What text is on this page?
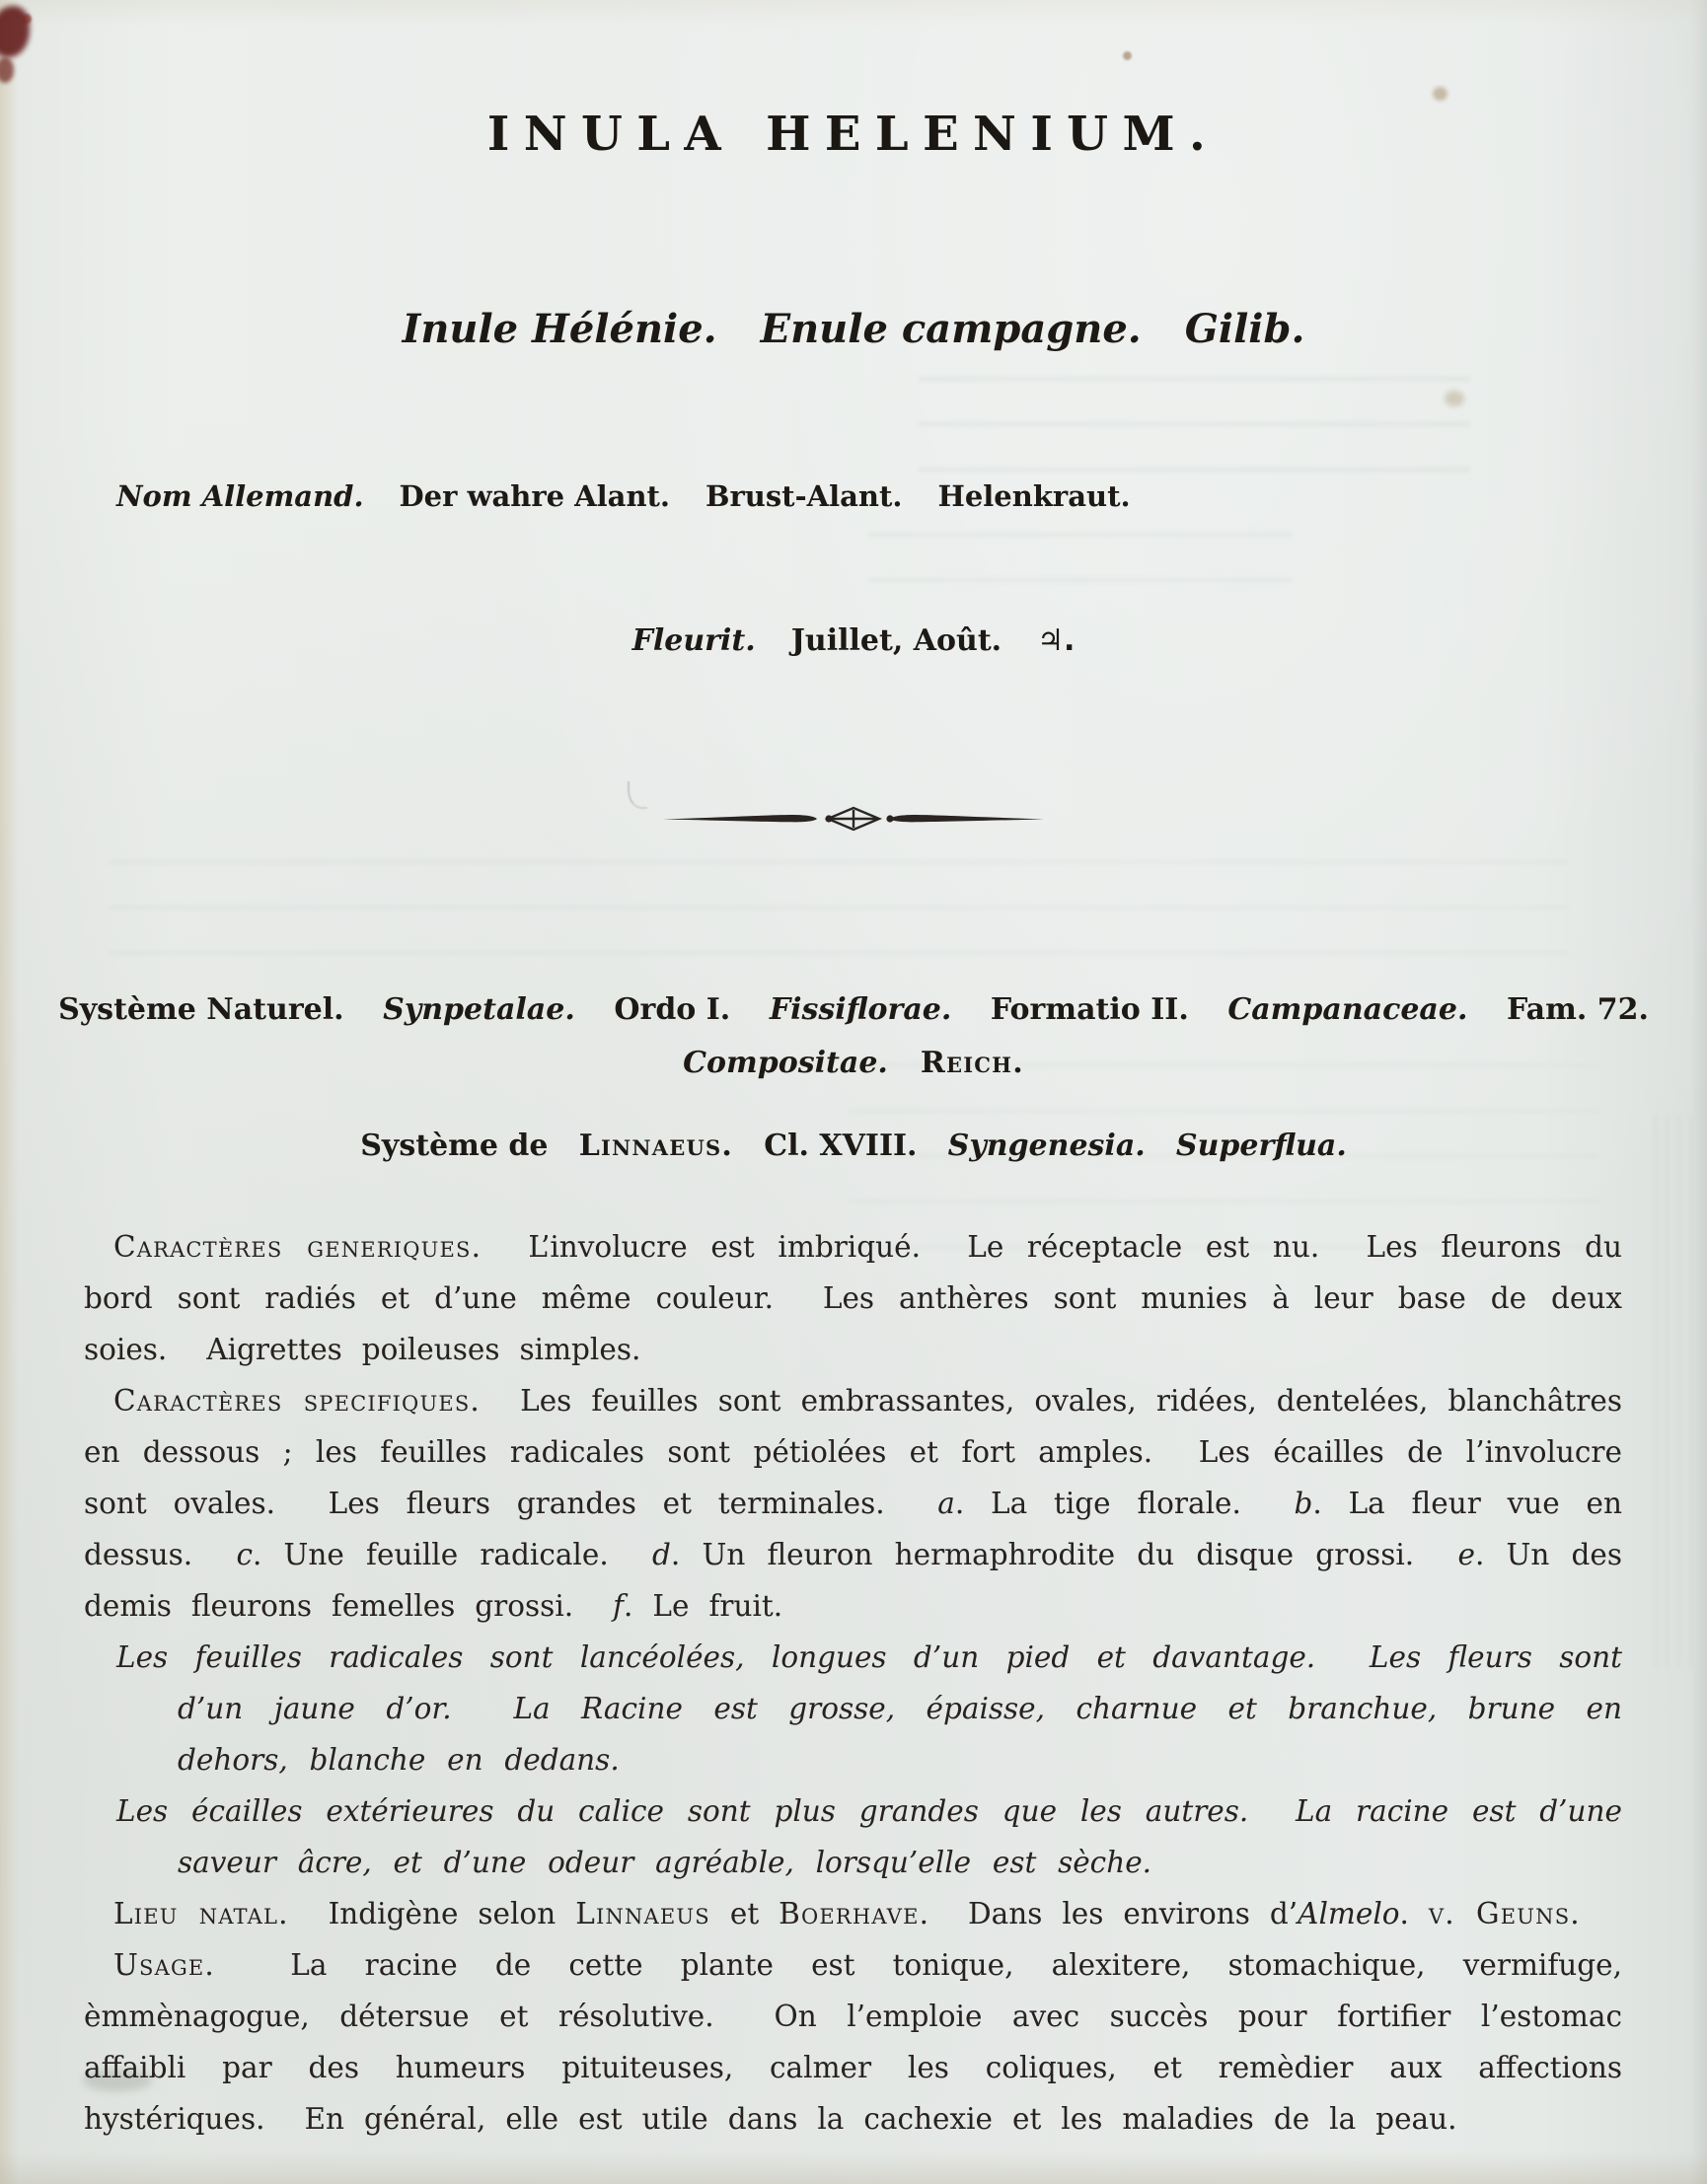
INULA HELENIUM.
Inule Hélénie. Enule campagne. Gilib.
Nom Allemand. Der wahre Alant. Brust-Alant. Helenkraut.
Fleurit. Juillet, Août. ♃.
Système Naturel. Synpetalae. Ordo I. Fissiflorae. Formatio II. Campanaceae. Fam. 72.
Compositae. Reich.
Système de Linnaeus. Cl. XVIII. Syngenesia. Superflua.

Caractères generiques.  L’involucre est imbriqué.  Le réceptacle est nu.  Les fleurons du bord sont radiés et d’une même couleur.  Les anthères sont munies à leur base de deux soies.  Aigrettes poileuses simples.

Caractères specifiques.  Les feuilles sont embrassantes, ovales, ridées, dentelées, blanchâtres en dessous ; les feuilles radicales sont pétiolées et fort amples.  Les écailles de l’involucre sont ovales.  Les fleurs grandes et terminales.  a. La tige florale.  b. La fleur vue en dessus.  c. Une feuille radicale.  d. Un fleuron hermaphrodite du disque grossi.  e. Un des demis fleurons femelles grossi.  f. Le fruit.

Les feuilles radicales sont lancéolées, longues d’un pied et davantage.  Les fleurs sont d’un jaune d’or.  La Racine est grosse, épaisse, charnue et branchue, brune en dehors, blanche en dedans.

Les écailles extérieures du calice sont plus grandes que les autres.  La racine est d’une saveur âcre, et d’une odeur agréable, lorsqu’elle est sèche.

Lieu natal.  Indigène selon Linnaeus et Boerhave.  Dans les environs d’Almelo. v. Geuns.

Usage.  La racine de cette plante est tonique, alexitere, stomachique, vermifuge, èmmènagogue, détersue et résolutive.  On l’emploie avec succès pour fortifier l’estomac affaibli par des humeurs pituiteuses, calmer les coliques, et remèdier aux affections hystériques.  En général, elle est utile dans la cachexie et les maladies de la peau.
